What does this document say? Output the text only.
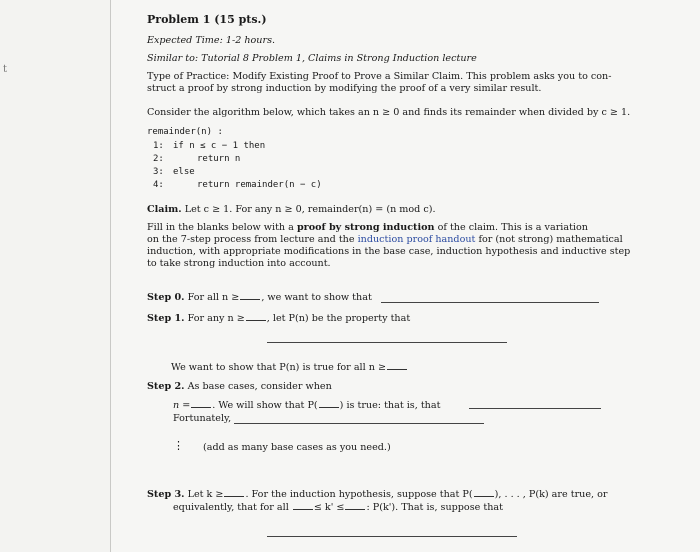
t
Problem 1 (15 pts.)
Expected Time: 1-2 hours.
Similar to: Tutorial 8 Problem 1, Claims in Strong Induction lecture
Type of Practice: Modify Existing Proof to Prove a Similar Claim. This problem asks you to con-
struct a proof by strong induction by modifying the proof of a very similar result.
Consider the algorithm below, which takes an n ≥ 0 and finds its remainder when divided by c ≥ 1.
remainder(n) :
1: if n ≤ c − 1 then
2:	return n
3: else
4:	return remainder(n − c)
Claim. Let c ≥ 1. For any n ≥ 0, remainder(n) = (n mod c).
Fill in the blanks below with a proof by strong induction of the claim. This is a variation
on the 7-step process from lecture and the induction proof handout for (not strong) mathematical
induction, with appropriate modifications in the base case, induction hypothesis and inductive step
to take strong induction into account.
Step 0. For all n ≥ , we want to show that
Step 1. For any n ≥ , let P(n) be the property that
We want to show that P(n) is true for all n ≥
Step 2. As base cases, consider when
n = . We will show that P( ) is true: that is, that
Fortunately,
⋮ (add as many base cases as you need.)
Step 3. Let k ≥ . For the induction hypothesis, suppose that P( ), . . . , P(k) are true, or
equivalently, that for all	≤ k' ≤ : P(k'). That is, suppose that
